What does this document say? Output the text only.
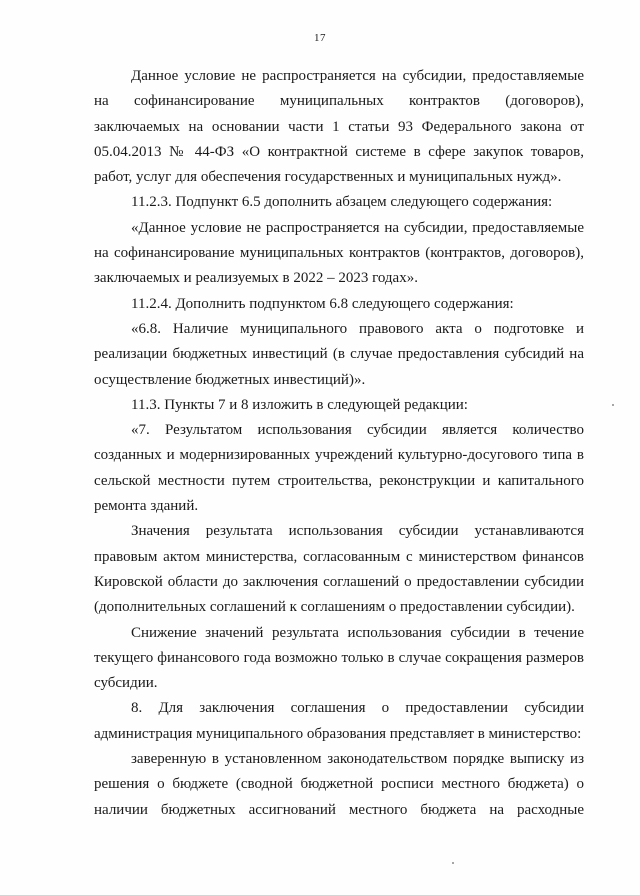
17

Данное условие не распространяется на субсидии, предоставляемые на софинансирование муниципальных контрактов (договоров), заключаемых на основании части 1 статьи 93 Федерального закона от 05.04.2013 № 44-ФЗ «О контрактной системе в сфере закупок товаров, работ, услуг для обеспечения государственных и муниципальных нужд».

11.2.3. Подпункт 6.5 дополнить абзацем следующего содержания:

«Данное условие не распространяется на субсидии, предоставляемые на софинансирование муниципальных контрактов (контрактов, договоров), заключаемых и реализуемых в 2022 – 2023 годах».

11.2.4. Дополнить подпунктом 6.8 следующего содержания:

«6.8. Наличие муниципального правового акта о подготовке и реализации бюджетных инвестиций (в случае предоставления субсидий на осуществление бюджетных инвестиций)».

11.3. Пункты 7 и 8 изложить в следующей редакции:

«7. Результатом использования субсидии является количество созданных и модернизированных учреждений культурно-досугового типа в сельской местности путем строительства, реконструкции и капитального ремонта зданий.

Значения результата использования субсидии устанавливаются правовым актом министерства, согласованным с министерством финансов Кировской области до заключения соглашений о предоставлении субсидии (дополнительных соглашений к соглашениям о предоставлении субсидии).

Снижение значений результата использования субсидии в течение текущего финансового года возможно только в случае сокращения размеров субсидии.

8. Для заключения соглашения о предоставлении субсидии администрация муниципального образования представляет в министерство:

заверенную в установленном законодательством порядке выписку из решения о бюджете (сводной бюджетной росписи местного бюджета) о наличии бюджетных ассигнований местного бюджета на расходные
